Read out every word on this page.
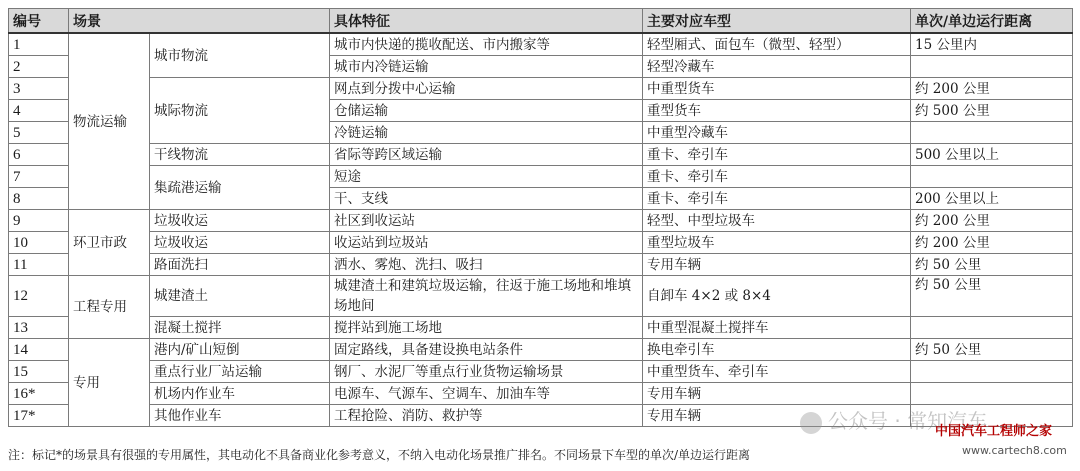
编号	场景		具体特征	主要对应车型	单次/单边运行距离
1	物流运输	城市物流	城市内快递的揽收配送、市内搬家等	轻型厢式、面包车（微型、轻型）	15 公里内
2			城市内冷链运输	轻型冷藏车	
3		城际物流	网点到分拨中心运输	中重型货车	约 200 公里
4			仓储运输	重型货车	约 500 公里
5			冷链运输	中重型冷藏车	
6		干线物流	省际等跨区域运输	重卡、牵引车	500 公里以上
7		集疏港运输	短途	重卡、牵引车	
8			干、支线	重卡、牵引车	200 公里以上
9	环卫市政	垃圾收运	社区到收运站	轻型、中型垃圾车	约 200 公里
10		垃圾收运	收运站到垃圾站	重型垃圾车	约 200 公里
11		路面洗扫	洒水、雾炮、洗扫、吸扫	专用车辆	约 50 公里
12	工程专用	城建渣土	城建渣土和建筑垃圾运输，往返于施工场地和堆填场地间	自卸车 4×2 或 8×4	约 50 公里
13		混凝土搅拌	搅拌站到施工场地	中重型混凝土搅拌车	
14	专用	港内/矿山短倒	固定路线，具备建设换电站条件	换电牵引车	约 50 公里
15		重点行业厂站运输	钢厂、水泥厂等重点行业货物运输场景	中重型货车、牵引车	
16*		机场内作业车	电源车、气源车、空调车、加油车等	专用车辆	
17*		其他作业车	工程抢险、消防、救护等	专用车辆		公众号 · 常知汽车
中国汽车工程师之家
注：标记*的场景具有很强的专用属性，其电动化不具备商业化参考意义，不纳入电动化场景推广排名。不同场景下车型的单次/单边运行距离	www.cartech8.com
